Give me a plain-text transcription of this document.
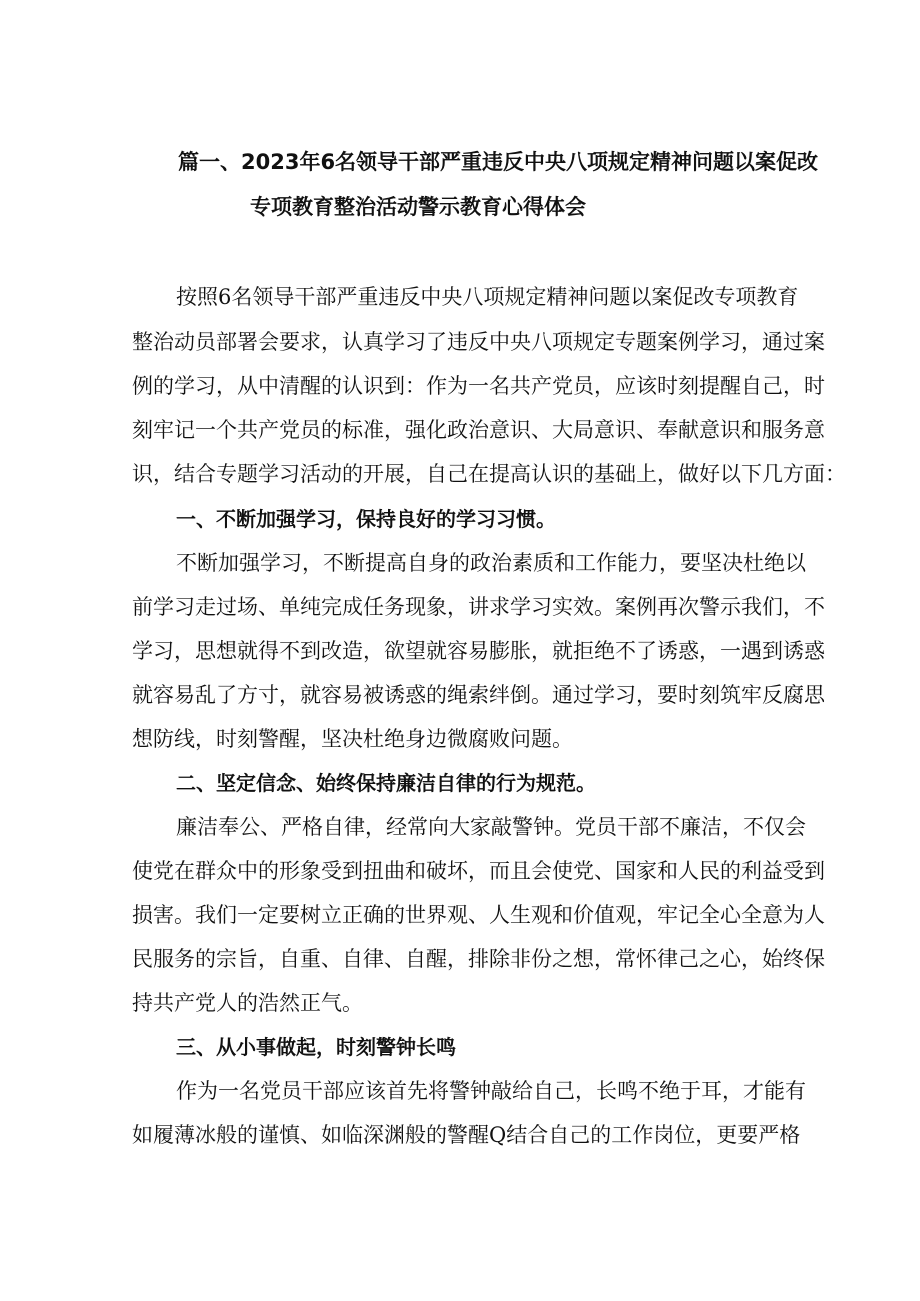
篇一、2023年6名领导干部严重违反中央八项规定精神问题以案促改
专项教育整治活动警示教育心得体会
按照6名领导干部严重违反中央八项规定精神问题以案促改专项教育
整治动员部署会要求，认真学习了违反中央八项规定专题案例学习，通过案
例的学习，从中清醒的认识到：作为一名共产党员，应该时刻提醒自己，时
刻牢记一个共产党员的标准，强化政治意识、大局意识、奉献意识和服务意
识，结合专题学习活动的开展，自己在提高认识的基础上，做好以下几方面：
一、不断加强学习，保持良好的学习习惯。
不断加强学习，不断提高自身的政治素质和工作能力，要坚决杜绝以
前学习走过场、单纯完成任务现象，讲求学习实效。案例再次警示我们，不
学习，思想就得不到改造，欲望就容易膨胀，就拒绝不了诱惑，一遇到诱惑
就容易乱了方寸，就容易被诱惑的绳索绊倒。通过学习，要时刻筑牢反腐思
想防线，时刻警醒，坚决杜绝身边微腐败问题。
二、坚定信念、始终保持廉洁自律的行为规范。
廉洁奉公、严格自律，经常向大家敲警钟。党员干部不廉洁，不仅会
使党在群众中的形象受到扭曲和破坏，而且会使党、国家和人民的利益受到
损害。我们一定要树立正确的世界观、人生观和价值观，牢记全心全意为人
民服务的宗旨，自重、自律、自醒，排除非份之想，常怀律己之心，始终保
持共产党人的浩然正气。
三、从小事做起，时刻警钟长鸣
作为一名党员干部应该首先将警钟敲给自己，长鸣不绝于耳，才能有
如履薄冰般的谨慎、如临深渊般的警醒Q结合自己的工作岗位，更要严格
